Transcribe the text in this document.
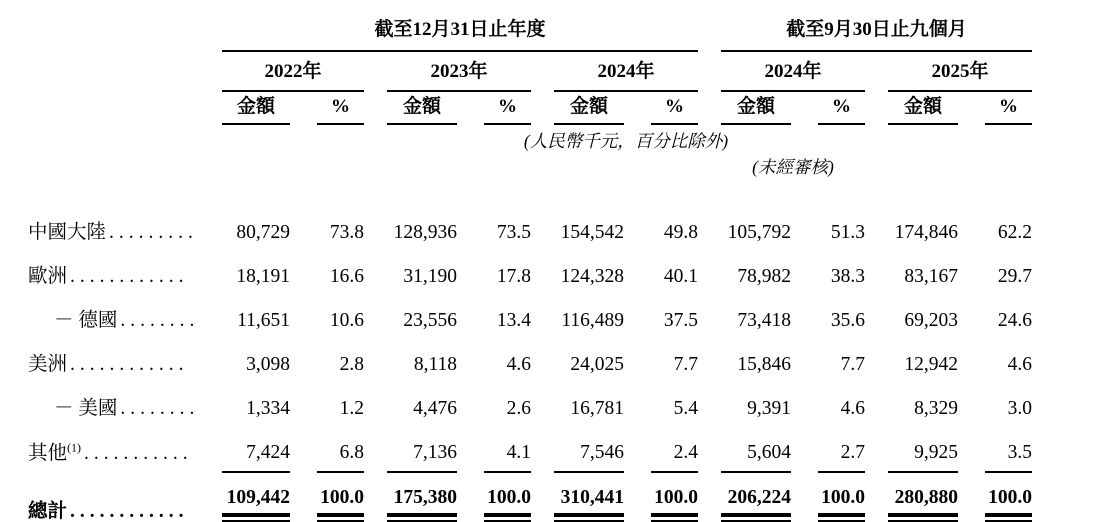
	截至12月31日止年度												截至9月30日止九個月						
	2022年				2023年				2024年				2024年				2025年		
	金額		%		金額		%		金額		%		金額		%		金額		%

									(人民幣千元，百分比除外)										

													(未經審核)						

中國大陸 .........	80,729		73.8		128,936		73.5		154,542		49.8		105,792		51.3		174,846		62.2
歐洲 ............	18,191		16.6		31,190		17.8		124,328		40.1		78,982		38.3		83,167		29.7
－ 德國 ........	11,651		10.6		23,556		13.4		116,489		37.5		73,418		35.6		69,203		24.6
美洲 ............	3,098		2.8		8,118		4.6		24,025		7.7		15,846		7.7		12,942		4.6
－ 美國 ........	1,334		1.2		4,476		2.6		16,781		5.4		9,391		4.6		8,329		3.0
其他$^{(1)}$ ...........	7,424		6.8		7,136		4.1		7,546		2.4		5,604		2.7		9,925		3.5
總計 ............	109,442		100.0		175,380		100.0		310,441		100.0		206,224		100.0		280,880		100.0
